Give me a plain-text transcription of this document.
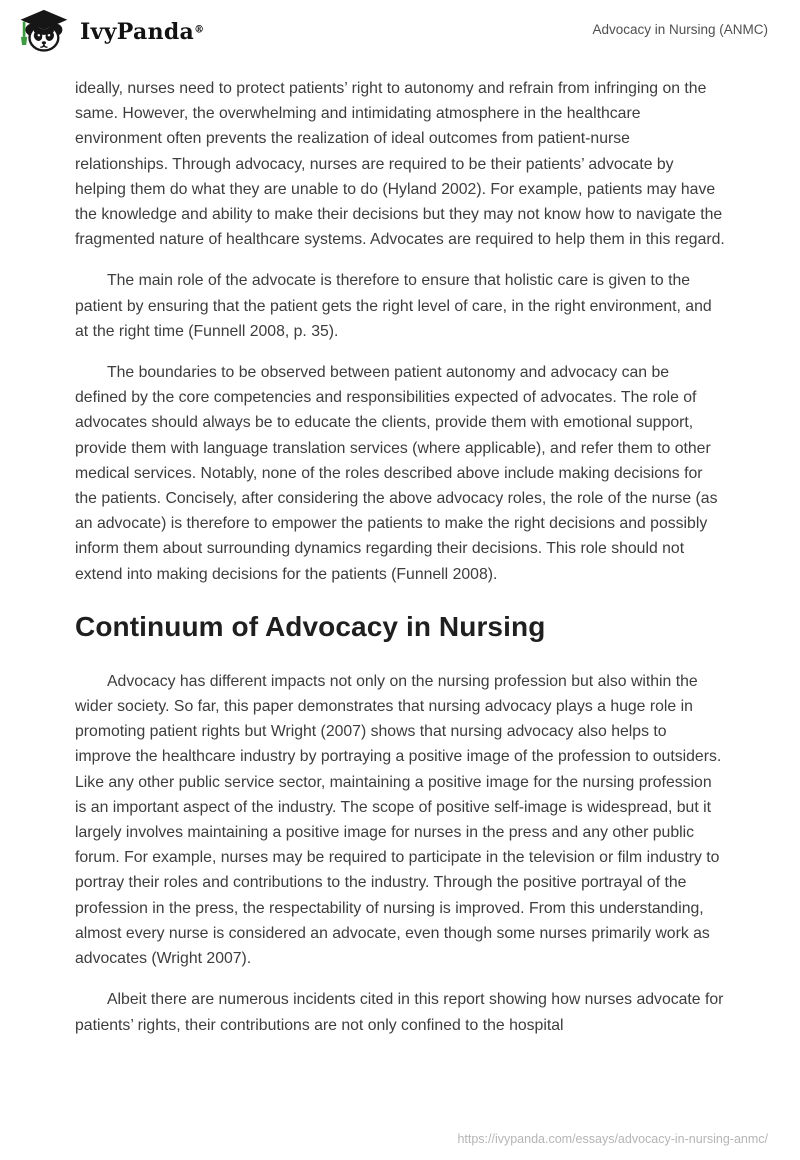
IvyPanda®	Advocacy in Nursing (ANMC)

ideally, nurses need to protect patients’ right to autonomy and refrain from infringing on the same. However, the overwhelming and intimidating atmosphere in the healthcare environment often prevents the realization of ideal outcomes from patient-nurse relationships. Through advocacy, nurses are required to be their patients’ advocate by helping them do what they are unable to do (Hyland 2002). For example, patients may have the knowledge and ability to make their decisions but they may not know how to navigate the fragmented nature of healthcare systems. Advocates are required to help them in this regard.

The main role of the advocate is therefore to ensure that holistic care is given to the patient by ensuring that the patient gets the right level of care, in the right environment, and at the right time (Funnell 2008, p. 35).

The boundaries to be observed between patient autonomy and advocacy can be defined by the core competencies and responsibilities expected of advocates. The role of advocates should always be to educate the clients, provide them with emotional support, provide them with language translation services (where applicable), and refer them to other medical services. Notably, none of the roles described above include making decisions for the patients. Concisely, after considering the above advocacy roles, the role of the nurse (as an advocate) is therefore to empower the patients to make the right decisions and possibly inform them about surrounding dynamics regarding their decisions. This role should not extend into making decisions for the patients (Funnell 2008).

Continuum of Advocacy in Nursing

Advocacy has different impacts not only on the nursing profession but also within the wider society. So far, this paper demonstrates that nursing advocacy plays a huge role in promoting patient rights but Wright (2007) shows that nursing advocacy also helps to improve the healthcare industry by portraying a positive image of the profession to outsiders. Like any other public service sector, maintaining a positive image for the nursing profession is an important aspect of the industry. The scope of positive self-image is widespread, but it largely involves maintaining a positive image for nurses in the press and any other public forum. For example, nurses may be required to participate in the television or film industry to portray their roles and contributions to the industry. Through the positive portrayal of the profession in the press, the respectability of nursing is improved. From this understanding, almost every nurse is considered an advocate, even though some nurses primarily work as advocates (Wright 2007).

Albeit there are numerous incidents cited in this report showing how nurses advocate for patients’ rights, their contributions are not only confined to the hospital

https://ivypanda.com/essays/advocacy-in-nursing-anmc/
